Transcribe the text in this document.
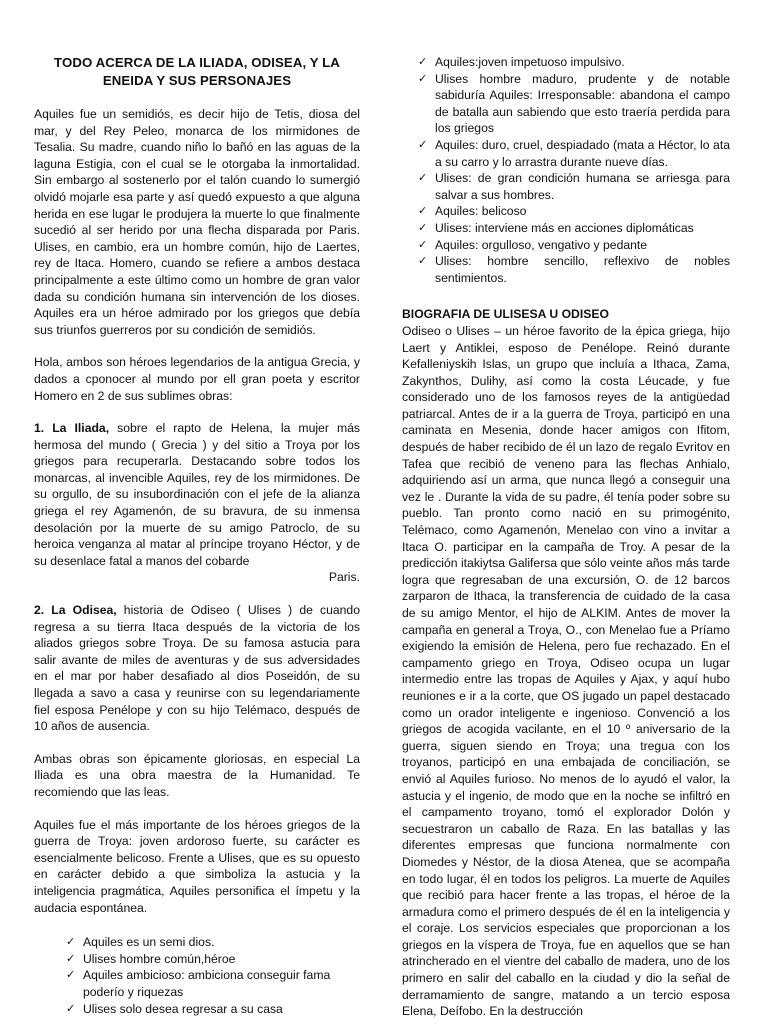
TODO ACERCA DE LA ILIADA, ODISEA, Y LA ENEIDA Y SUS PERSONAJES

Aquiles fue un semidiós, es decir hijo de Tetis, diosa del mar, y del Rey Peleo, monarca de los mirmidones de Tesalia. Su madre, cuando niño lo bañó en las aguas de la laguna Estigia, con el cual se le otorgaba la inmortalidad. Sin embargo al sostenerlo por el talón cuando lo sumergió olvidó mojarle esa parte y así quedó expuesto a que alguna herida en ese lugar le produjera la muerte lo que finalmente sucedió al ser herido por una flecha disparada por Paris. Ulises, en cambio, era un hombre común, hijo de Laertes, rey de Itaca. Homero, cuando se refiere a ambos destaca principalmente a este último como un hombre de gran valor dada su condición humana sin intervención de los dioses. Aquiles era un héroe admirado por los griegos que debía sus triunfos guerreros por su condición de semidiós.

Hola, ambos son héroes legendarios de la antigua Grecia, y dados a cponocer al mundo por ell gran poeta y escritor Homero en 2 de sus sublimes obras:

1. La Iliada, sobre el rapto de Helena, la mujer más hermosa del mundo ( Grecia ) y del sitio a Troya por los griegos para recuperarla. Destacando sobre todos los monarcas, al invencible Aquiles, rey de los mirmidones. De su orgullo, de su insubordinación con el jefe de la alianza griega el rey Agamenón, de su bravura, de su inmensa desolación por la muerte de su amigo Patroclo, de su heroica venganza al matar al príncipe troyano Héctor, y de su desenlace fatal a manos del cobarde
Paris.

2. La Odisea, historia de Odiseo ( Ulises ) de cuando regresa a su tierra Itaca después de la victoria de los aliados griegos sobre Troya. De su famosa astucia para salir avante de miles de aventuras y de sus adversidades en el mar por haber desafiado al dios Poseidón, de su llegada a savo a casa y reunirse con su legendariamente fiel esposa Penélope y con su hijo Telémaco, después de 10 años de ausencia.

Ambas obras son épicamente gloriosas, en especial La Iliada es una obra maestra de la Humanidad. Te recomiendo que las leas.

Aquiles fue el más importante de los héroes griegos de la guerra de Troya: joven ardoroso fuerte, su carácter es esencialmente belicoso. Frente a Ulises, que es su opuesto en carácter debido a que simboliza la astucia y la inteligencia pragmática, Aquiles personifica el ímpetu y la audacia espontánea.

✓ Aquiles es un semi dios.
✓ Ulises hombre común,héroe
✓ Aquiles ambicioso: ambiciona conseguir fama poderío y riquezas
✓ Ulises solo desea regresar a su casa
✓ Aquiles:joven impetuoso impulsivo.
✓ Ulises hombre maduro, prudente y de notable sabiduría Aquiles: Irresponsable: abandona el campo de batalla aun sabiendo que esto traería perdida para los griegos
✓ Aquiles: duro, cruel, despiadado (mata a Héctor, lo ata a su carro y lo arrastra durante nueve días.
✓ Ulises: de gran condición humana se arriesga para salvar a sus hombres.
✓ Aquiles: belicoso
✓ Ulises: interviene más en acciones diplomáticas
✓ Aquiles: orgulloso, vengativo y pedante
✓ Ulises: hombre sencillo, reflexivo de nobles sentimientos.
BIOGRAFIA DE ULISESA U ODISEO

Odiseo o Ulises – un héroe favorito de la épica griega, hijo Laert y Antiklei, esposo de Penélope. Reinó durante Kefalleniyskih Islas, un grupo que incluía a Ithaca, Zama, Zakynthos, Dulihy, así como la costa Léucade, y fue considerado uno de los famosos reyes de la antigüedad patriarcal. Antes de ir a la guerra de Troya, participó en una caminata en Mesenia, donde hacer amigos con Ifitom, después de haber recibido de él un lazo de regalo Evritov en Tafea que recibió de veneno para las flechas Anhialo, adquiriendo así un arma, que nunca llegó a conseguir una vez le . Durante la vida de su padre, él tenía poder sobre su pueblo. Tan pronto como nació en su primogénito, Telémaco, como Agamenón, Menelao con vino a invitar a Itaca O. participar en la campaña de Troy. A pesar de la predicción itakiytsa Galifersa que sólo veinte años más tarde logra que regresaban de una excursión, O. de 12 barcos zarparon de Ithaca, la transferencia de cuidado de la casa de su amigo Mentor, el hijo de ALKIM. Antes de mover la campaña en general a Troya, O., con Menelao fue a Príamo exigiendo la emisión de Helena, pero fue rechazado. En el campamento griego en Troya, Odiseo ocupa un lugar intermedio entre las tropas de Aquiles y Ajax, y aquí hubo reuniones e ir a la corte, que OS jugado un papel destacado como un orador inteligente e ingenioso. Convenció a los griegos de acogida vacilante, en el 10 º aniversario de la guerra, siguen siendo en Troya; una tregua con los troyanos, participó en una embajada de conciliación, se envió al Aquiles furioso. No menos de lo ayudó el valor, la astucia y el ingenio, de modo que en la noche se infiltró en el campamento troyano, tomó el explorador Dolón y secuestraron un caballo de Raza. En las batallas y las diferentes empresas que funciona normalmente con Diomedes y Néstor, de la diosa Atenea, que se acompaña en todo lugar, él en todos los peligros. La muerte de Aquiles que recibió para hacer frente a las tropas, el héroe de la armadura como el primero después de él en la inteligencia y el coraje. Los servicios especiales que proporcionan a los griegos en la víspera de Troya, fue en aquellos que se han atrincherado en el vientre del caballo de madera, uno de los primero en salir del caballo en la ciudad y dio la señal de derramamiento de sangre, matando a un tercio esposa Elena, Deífobo. En la destrucción
